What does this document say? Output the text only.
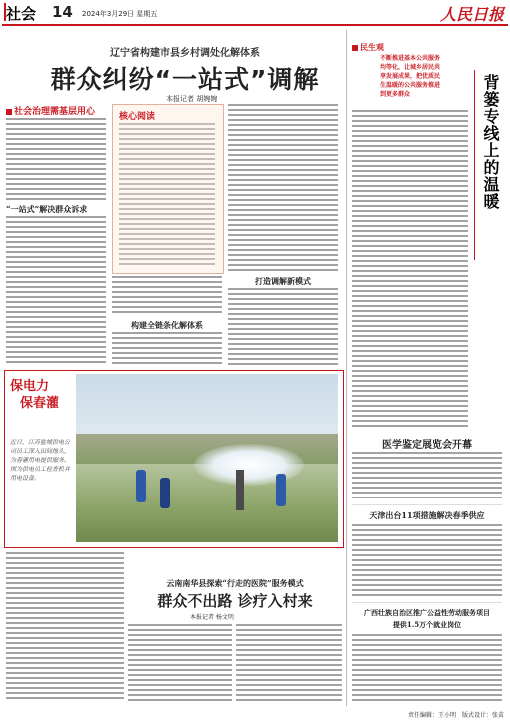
社会 14 2024年3月29日 星期五	人民日报
辽宁省构建市县乡村调处化解体系
群众纠纷“一站式”调解
本报记者 胡婉婉
社会治理需基层用心
“一站式”解决群众诉求
核心阅读
构建全链条化解体系
打造调解新模式
保电力
保春灌
近日，江苏盐城供电公司员工深入田间地头，为春灌用电提供服务。图为供电员工检查机井用电设备。
云南南华县探索“行走的医院”服务模式
群众不出路 诊疗入村来
本报记者 杨文明
民生观
不断推进基本公共服务均等化，让城乡居民共享发展成果，把优质民生温暖的公共服务推进到更多群众	背篓专线上的温暖
医学鉴定展览会开幕
天津出台11项措施解决春季供应
广西壮族自治区推广公益性劳动服务项目
提供1.5万个就业岗位
责任编辑：王小明 版式设计：张苗
